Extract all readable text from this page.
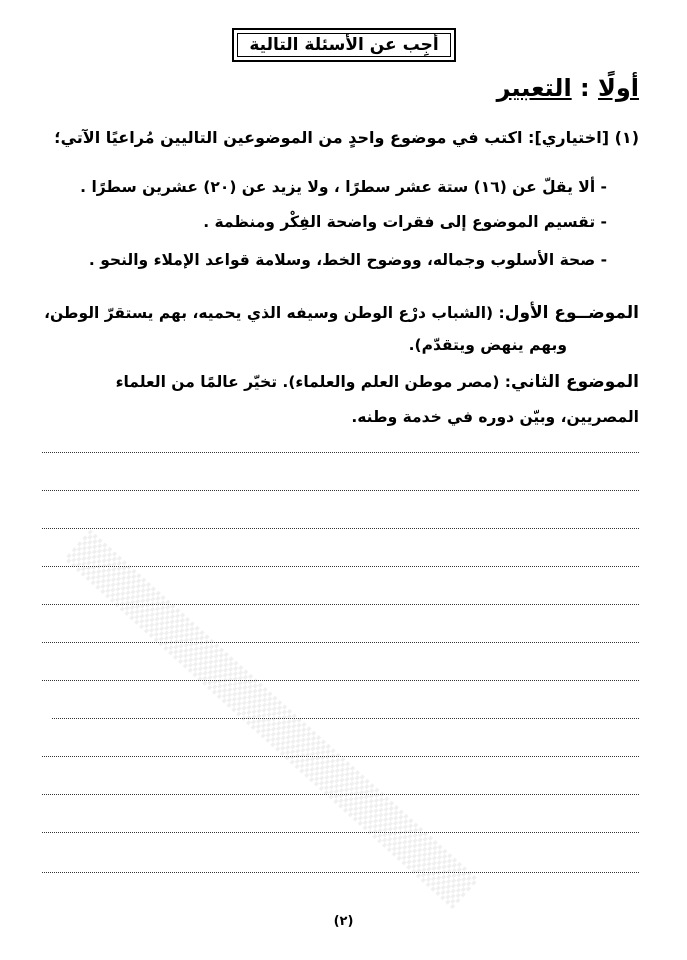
▒▒▒▒▒▒▒▒▒▒▒▒▒▒▒▒▒▒▒▒
أجِب عن الأسئلة التالية
أولًا : التعبير
(١) [اختياري]: اكتب في موضوع واحدٍ من الموضوعين التاليين مُراعيًا الآتي؛
- ألا يقلّ عن (١٦) ستة عشر سطرًا ، ولا يزيد عن (٢٠) عشرين سطرًا .
- تقسيم الموضوع إلى فقرات واضحة الفِكْر ومنظمة .
- صحة الأسلوب وجماله، ووضوح الخط، وسلامة قواعد الإملاء والنحو .
الموضــوع الأول: (الشباب درْع الوطن وسيفه الذي يحميه، بهم يستقرّ الوطن،
وبهم ينهض ويتقدّم).
الموضوع الثاني: (مصر موطن العلم والعلماء). تخيّر عالمًا من العلماء
المصريين، وبيّن دوره في خدمة وطنه.
(٢)
